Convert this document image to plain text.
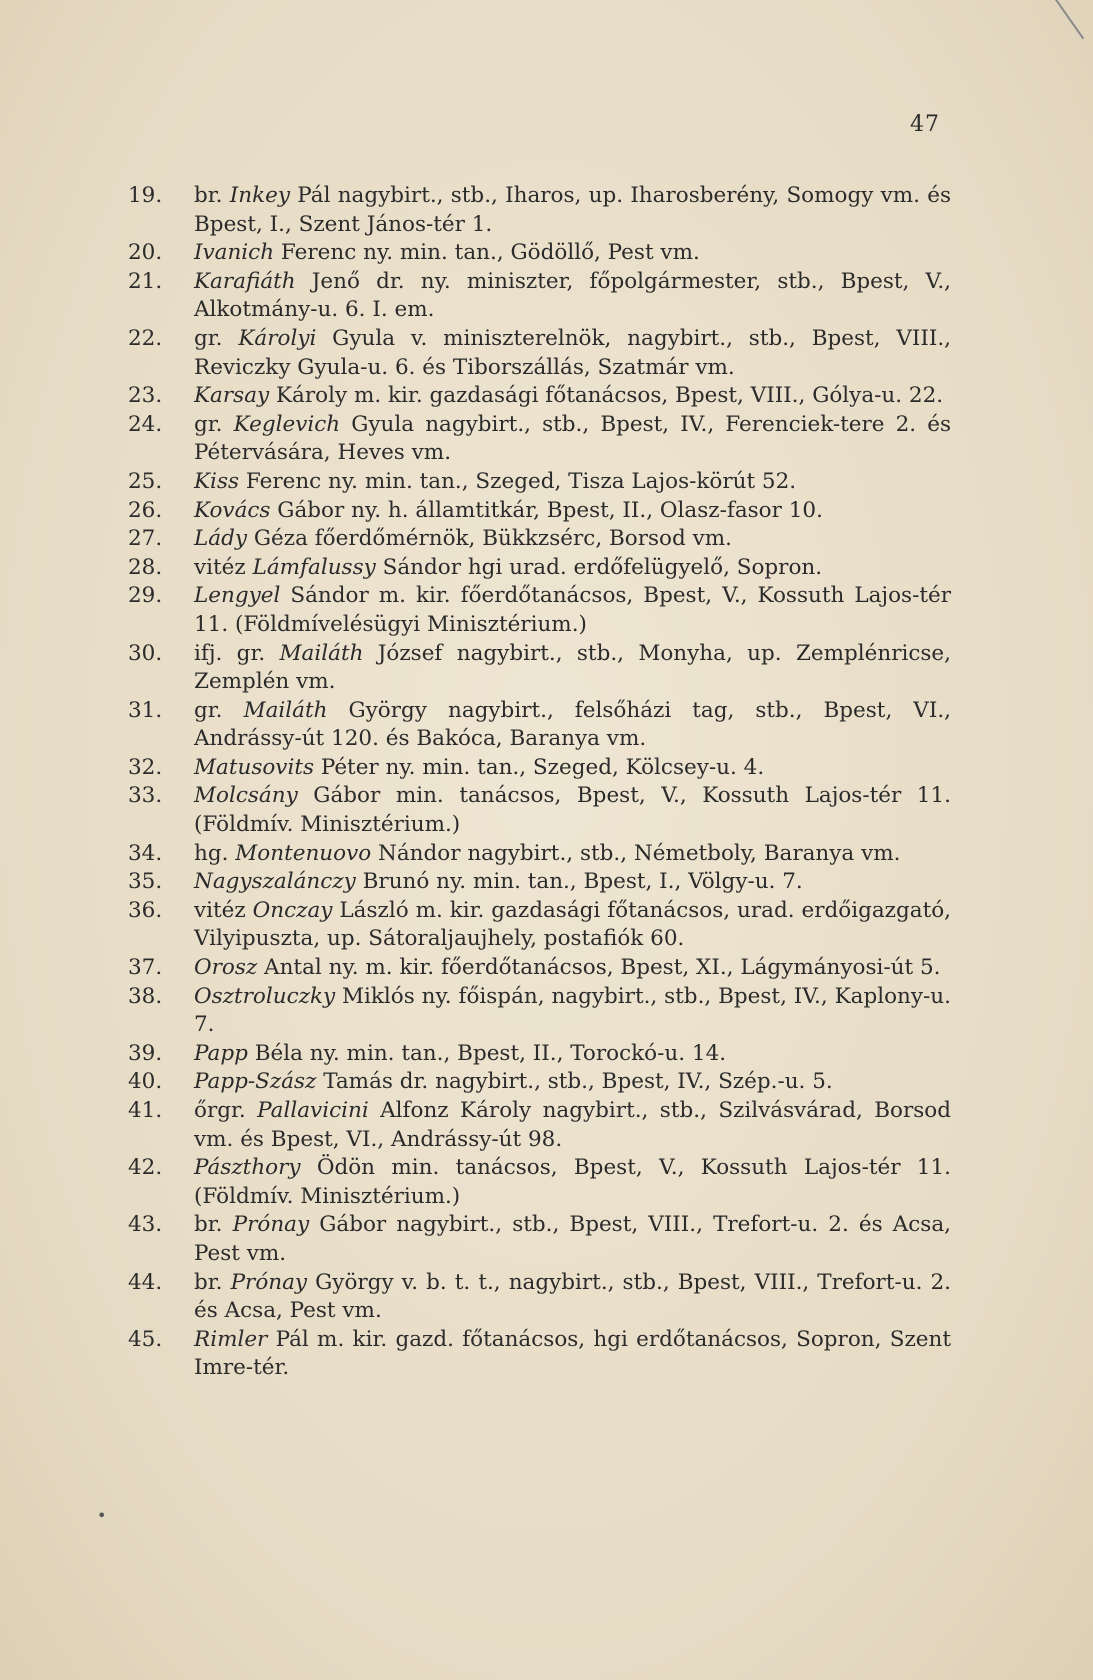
47
•
19. br. Inkey Pál nagybirt., stb., Iharos, up. Iharosberény, Somogy vm. és Bpest, I., Szent János-tér 1.
20. Ivanich Ferenc ny. min. tan., Gödöllő, Pest vm.
21. Karafiáth Jenő dr. ny. miniszter, főpolgármester, stb., Bpest, V., Alkotmány-u. 6. I. em.
22. gr. Károlyi Gyula v. miniszterelnök, nagybirt., stb., Bpest, VIII., Reviczky Gyula-u. 6. és Tiborszállás, Szatmár vm.
23. Karsay Károly m. kir. gazdasági főtanácsos, Bpest, VIII., Gólya-u. 22.
24. gr. Keglevich Gyula nagybirt., stb., Bpest, IV., Ferenciek-tere 2. és Pétervására, Heves vm.
25. Kiss Ferenc ny. min. tan., Szeged, Tisza Lajos-körút 52.
26. Kovács Gábor ny. h. államtitkár, Bpest, II., Olasz-fasor 10.
27. Lády Géza főerdőmérnök, Bükkzsérc, Borsod vm.
28. vitéz Lámfalussy Sándor hgi urad. erdőfelügyelő, Sopron.
29. Lengyel Sándor m. kir. főerdőtanácsos, Bpest, V., Kossuth Lajos-tér 11. (Földmívelésügyi Minisztérium.)
30. ifj. gr. Mailáth József nagybirt., stb., Monyha, up. Zemplénricse, Zemplén vm.
31. gr. Mailáth György nagybirt., felsőházi tag, stb., Bpest, VI., Andrássy-út 120. és Bakóca, Baranya vm.
32. Matusovits Péter ny. min. tan., Szeged, Kölcsey-u. 4.
33. Molcsány Gábor min. tanácsos, Bpest, V., Kossuth Lajos-tér 11. (Földmív. Minisztérium.)
34. hg. Montenuovo Nándor nagybirt., stb., Németboly, Baranya vm.
35. Nagyszalánczy Brunó ny. min. tan., Bpest, I., Völgy-u. 7.
36. vitéz Onczay László m. kir. gazdasági főtanácsos, urad. erdőigazgató, Vilyipuszta, up. Sátoraljaujhely, postafiók 60.
37. Orosz Antal ny. m. kir. főerdőtanácsos, Bpest, XI., Lágymányosi-út 5.
38. Osztroluczky Miklós ny. főispán, nagybirt., stb., Bpest, IV., Kaplony-u. 7.
39. Papp Béla ny. min. tan., Bpest, II., Torockó-u. 14.
40. Papp-Szász Tamás dr. nagybirt., stb., Bpest, IV., Szép.-u. 5.
41. őrgr. Pallavicini Alfonz Károly nagybirt., stb., Szilvásvárad, Borsod vm. és Bpest, VI., Andrássy-út 98.
42. Pászthory Ödön min. tanácsos, Bpest, V., Kossuth Lajos-tér 11. (Földmív. Minisztérium.)
43. br. Prónay Gábor nagybirt., stb., Bpest, VIII., Trefort-u. 2. és Acsa, Pest vm.
44. br. Prónay György v. b. t. t., nagybirt., stb., Bpest, VIII., Trefort-u. 2. és Acsa, Pest vm.
45. Rimler Pál m. kir. gazd. főtanácsos, hgi erdőtanácsos, Sopron, Szent Imre-tér.
